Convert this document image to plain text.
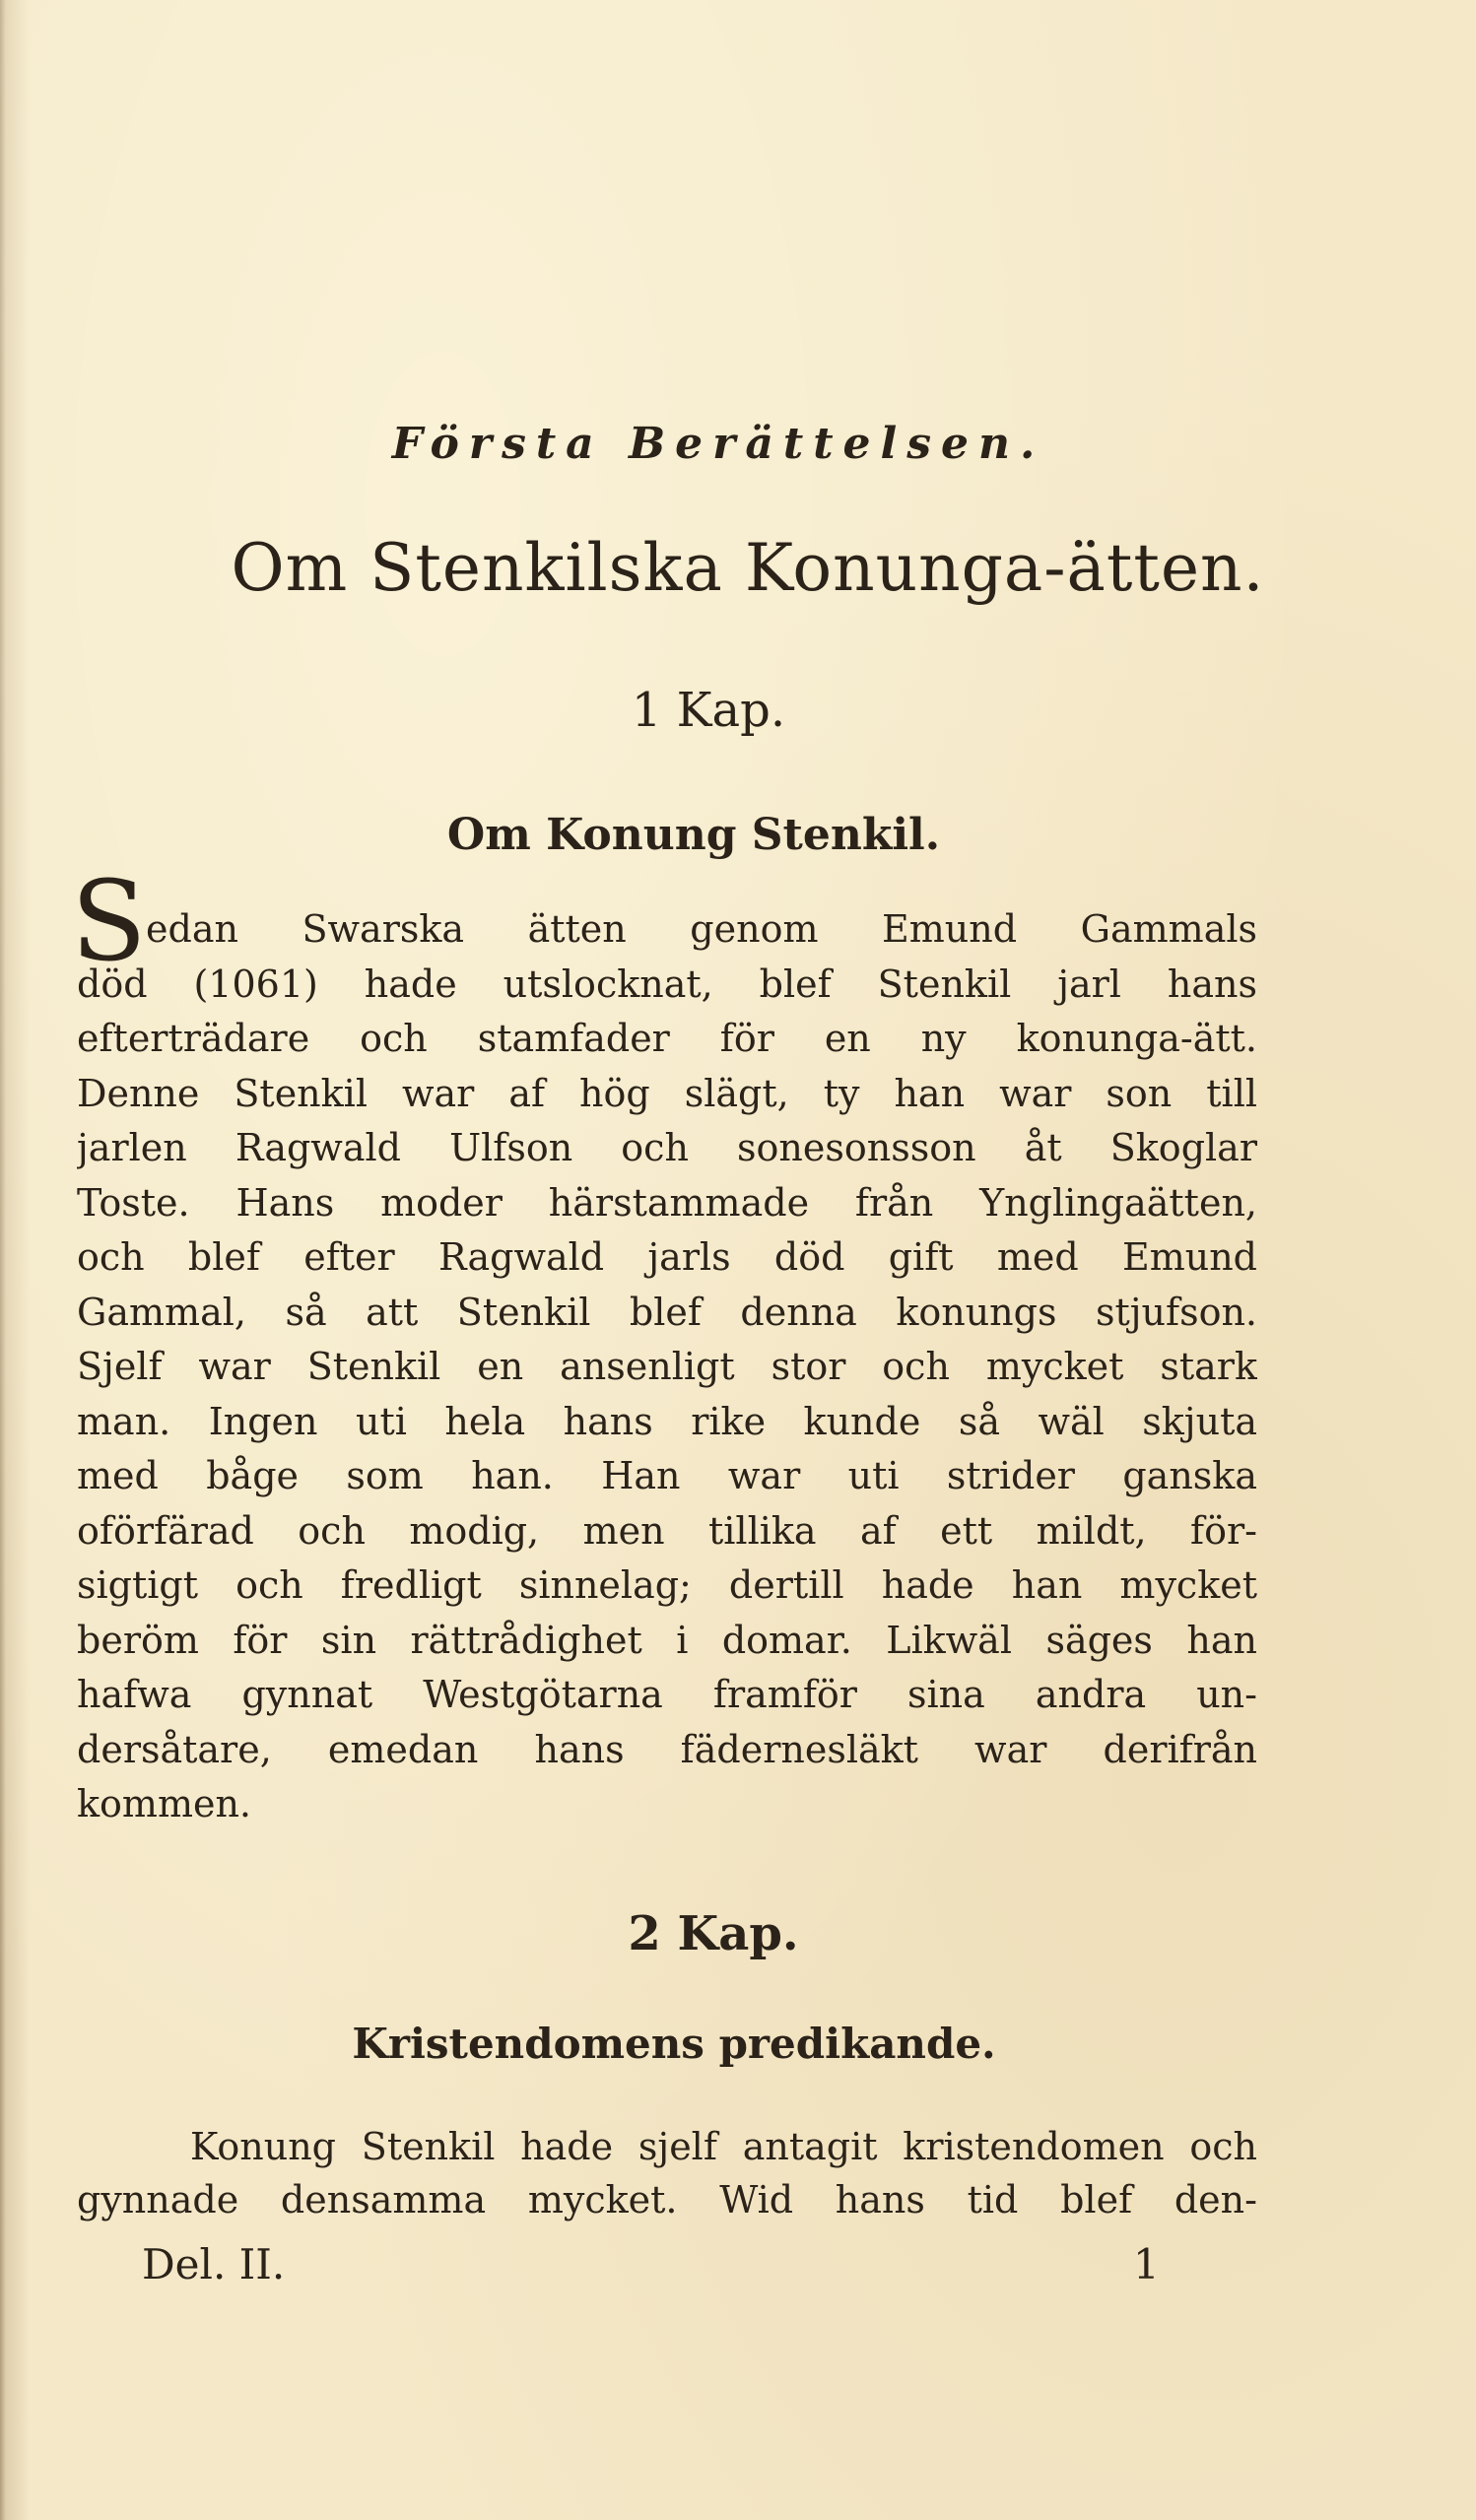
Första Berättelsen.
Om Stenkilska Konunga-ätten.
1 Kap.
Om Konung Stenkil.
S edan Swarska ätten genom Emund Gammals
död (1061) hade utslocknat, blef Stenkil jarl hans
efterträdare och stamfader för en ny konunga-ätt.
Denne Stenkil war af hög slägt, ty han war son till
jarlen Ragwald Ulfson och sonesonsson åt Skoglar
Toste. Hans moder härstammade från Ynglingaätten,
och blef efter Ragwald jarls död gift med Emund
Gammal, så att Stenkil blef denna konungs stjufson.
Sjelf war Stenkil en ansenligt stor och mycket stark
man. Ingen uti hela hans rike kunde så wäl skjuta
med båge som han. Han war uti strider ganska
oförfärad och modig, men tillika af ett mildt, för-
sigtigt och fredligt sinnelag; dertill hade han mycket
beröm för sin rättrådighet i domar. Likwäl säges han
hafwa gynnat Westgötarna framför sina andra un-
dersåtare, emedan hans fädernesläkt war derifrån
kommen.
2 Kap.
Kristendomens predikande.
Konung Stenkil hade sjelf antagit kristendomen och
gynnade densamma mycket. Wid hans tid blef den-
Del. II.	1
